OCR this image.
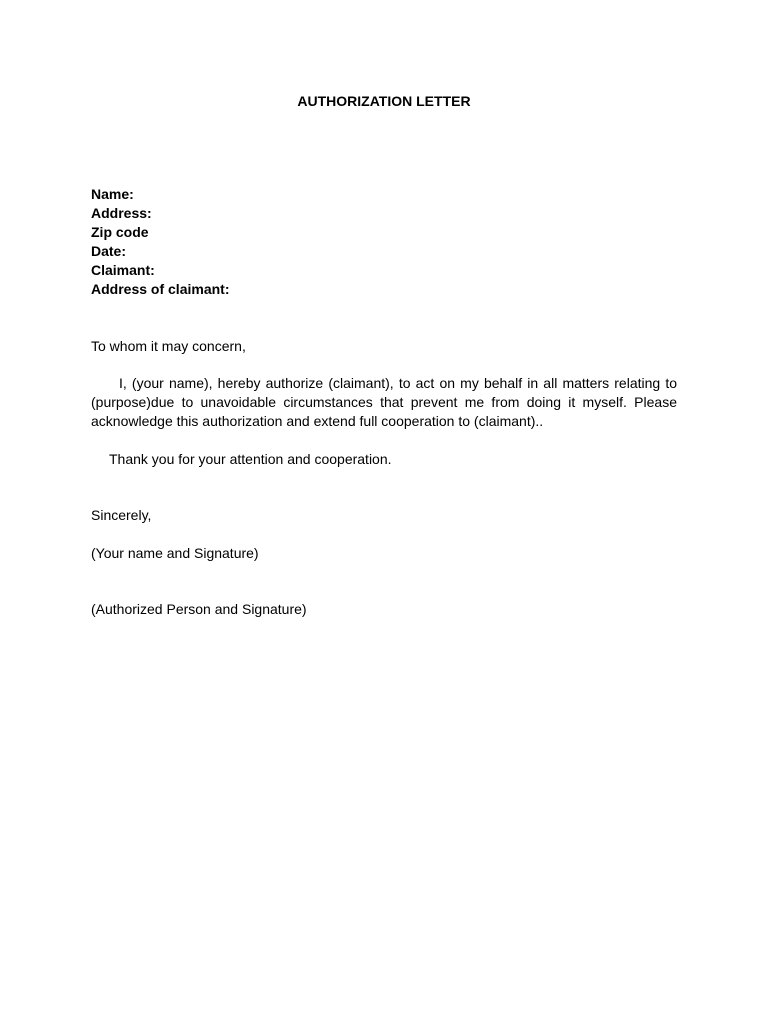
AUTHORIZATION LETTER
Name:
Address:
Zip code
Date:
Claimant:
Address of claimant:
To whom it may concern,
I, (your name), hereby authorize (claimant), to act on my behalf in all matters relating to (purpose)due to unavoidable circumstances that prevent me from doing it myself. Please acknowledge this authorization and extend full cooperation to (claimant)..
Thank you for your attention and cooperation.
Sincerely,
(Your name and Signature)
(Authorized Person and Signature)
